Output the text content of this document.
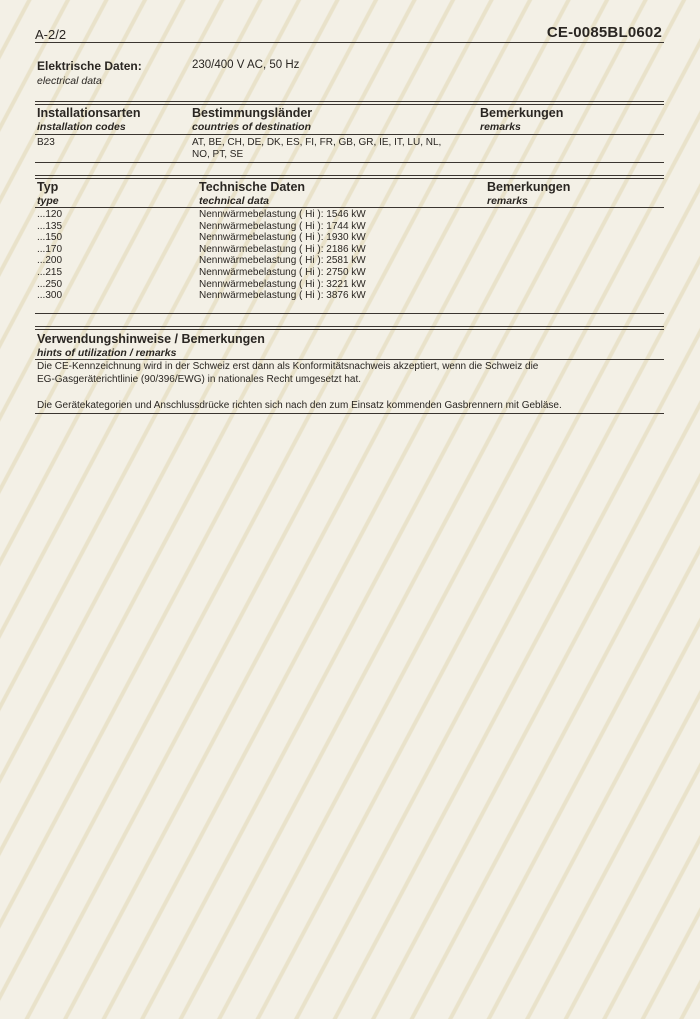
A-2/2	CE-0085BL0602
Elektrische Daten:
electrical data
230/400 V AC, 50 Hz
Installationsarten
installation codes
Bestimmungsländer
countries of destination
Bemerkungen
remarks
B23	AT, BE, CH, DE, DK, ES, FI, FR, GB, GR, IE, IT, LU, NL,
NO, PT, SE
Typ
type
Technische Daten
technical data
Bemerkungen
remarks
...120
...135
...150
...170
...200
...215
...250
...300
Nennwärmebelastung ( Hi ): 1546 kW
Nennwärmebelastung ( Hi ): 1744 kW
Nennwärmebelastung ( Hi ): 1930 kW
Nennwärmebelastung ( Hi ): 2186 kW
Nennwärmebelastung ( Hi ): 2581 kW
Nennwärmebelastung ( Hi ): 2750 kW
Nennwärmebelastung ( Hi ): 3221 kW
Nennwärmebelastung ( Hi ): 3876 kW
Verwendungshinweise / Bemerkungen
hints of utilization / remarks
Die CE-Kennzeichnung wird in der Schweiz erst dann als Konformitätsnachweis akzeptiert, wenn die Schweiz die
EG-Gasgeräterichtlinie (90/396/EWG) in nationales Recht umgesetzt hat.
Die Gerätekategorien und Anschlussdrücke richten sich nach den zum Einsatz kommenden Gasbrennern mit Gebläse.
